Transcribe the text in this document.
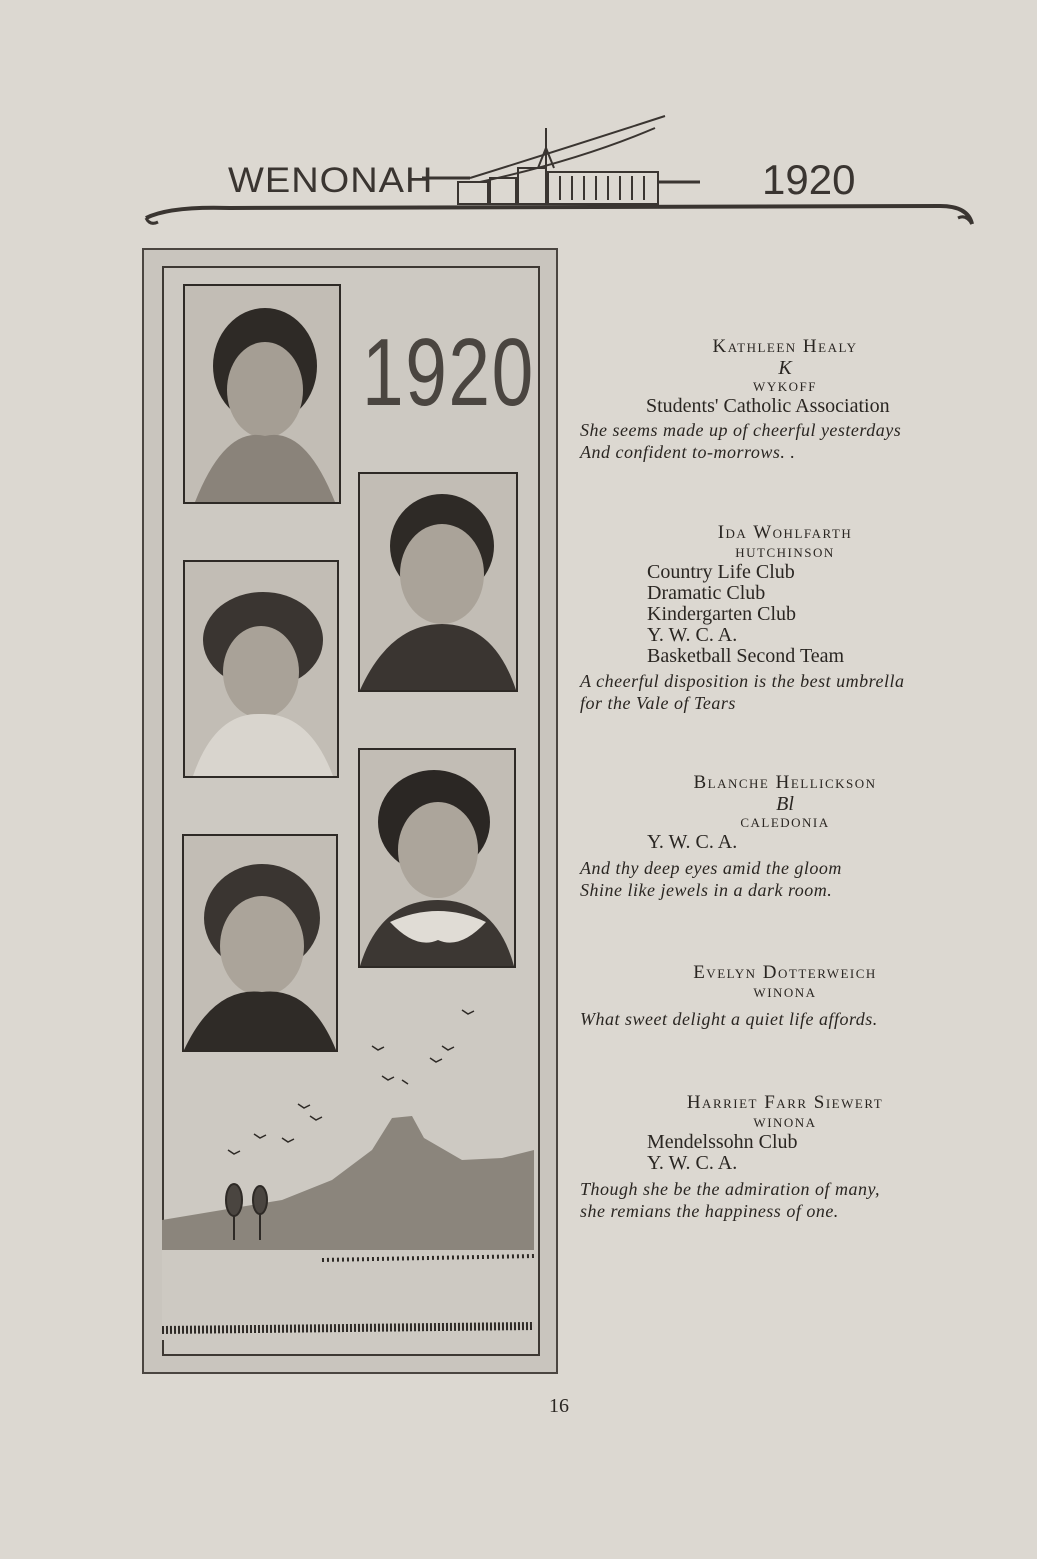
WENONAH	1920
1920	Kathleen Healy
K
WYKOFF
Students' Catholic Association
She seems made up of cheerful yesterdays
And confident to-morrows. .
Ida Wohlfarth
HUTCHINSON
Country Life Club
Dramatic Club
Kindergarten Club
Y. W. C. A.
Basketball Second Team
A cheerful disposition is the best umbrella
for the Vale of Tears
Blanche Hellickson
Bl
CALEDONIA
Y. W. C. A.
And thy deep eyes amid the gloom
Shine like jewels in a dark room.
Evelyn Dotterweich
WINONA
What sweet delight a quiet life affords.
Harriet Farr Siewert
WINONA
Mendelssohn Club
Y. W. C. A.
Though she be the admiration of many,
she remians the happiness of one.
16
